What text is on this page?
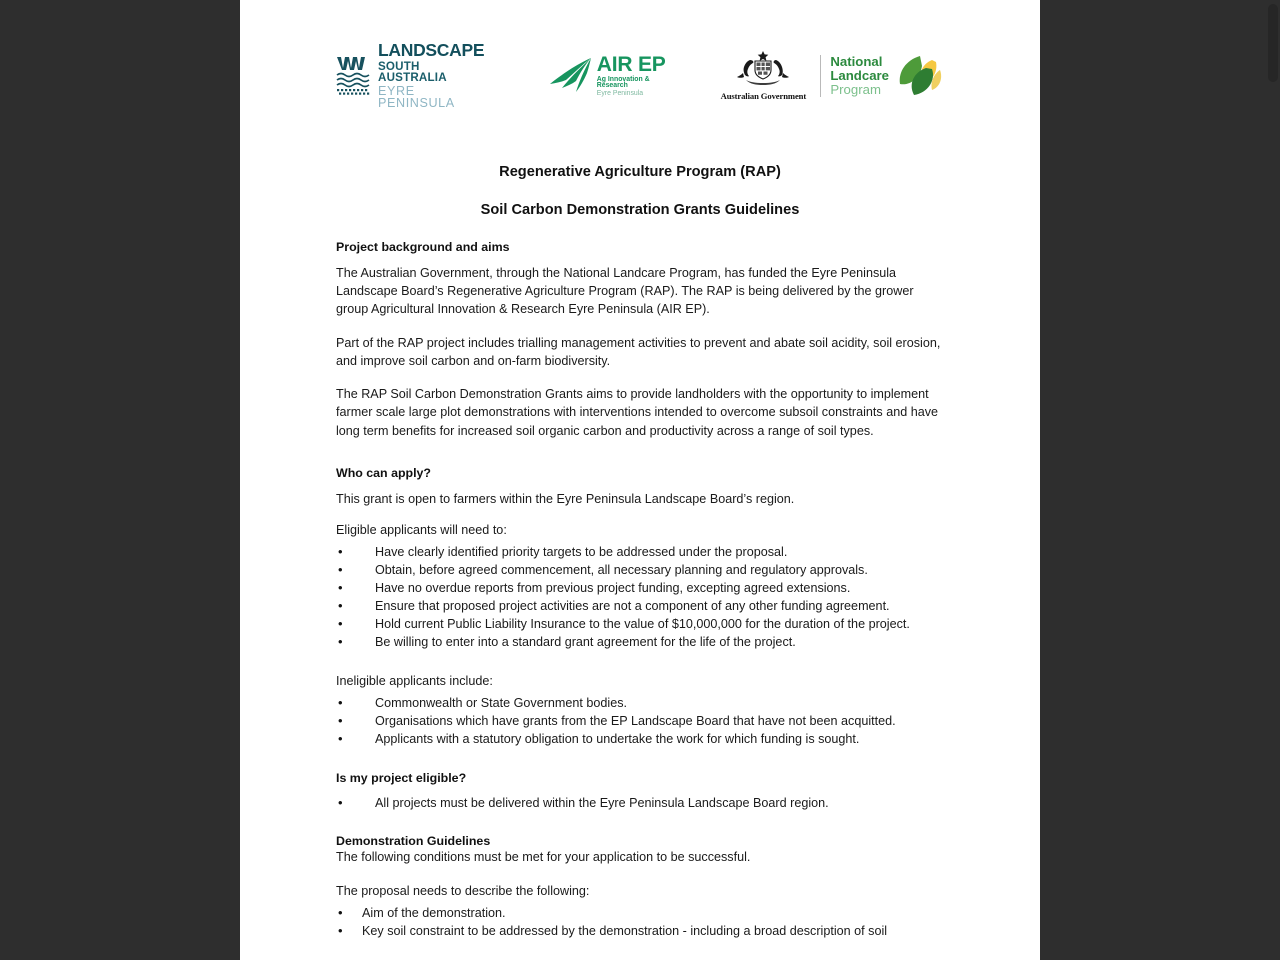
LANDSCAPE
SOUTH AUSTRALIA
EYRE PENINSULA
AIR EP
Ag Innovation & Research
Eyre Peninsula	Australian Government
National
Landcare
Program
Regenerative Agriculture Program (RAP)
Soil Carbon Demonstration Grants Guidelines
Project background and aims
The Australian Government, through the National Landcare Program, has funded the Eyre Peninsula Landscape Board’s Regenerative Agriculture Program (RAP). The RAP is being delivered by the grower group Agricultural Innovation & Research Eyre Peninsula (AIR EP).
Part of the RAP project includes trialling management activities to prevent and abate soil acidity, soil erosion, and improve soil carbon and on-farm biodiversity.
The RAP Soil Carbon Demonstration Grants aims to provide landholders with the opportunity to implement farmer scale large plot demonstrations with interventions intended to overcome subsoil constraints and have long term benefits for increased soil organic carbon and productivity across a range of soil types.
Who can apply?
This grant is open to farmers within the Eyre Peninsula Landscape Board’s region.
Eligible applicants will need to:
• Have clearly identified priority targets to be addressed under the proposal.
• Obtain, before agreed commencement, all necessary planning and regulatory approvals.
• Have no overdue reports from previous project funding, excepting agreed extensions.
• Ensure that proposed project activities are not a component of any other funding agreement.
• Hold current Public Liability Insurance to the value of $10,000,000 for the duration of the project.
• Be willing to enter into a standard grant agreement for the life of the project.
Ineligible applicants include:
• Commonwealth or State Government bodies.
• Organisations which have grants from the EP Landscape Board that have not been acquitted.
• Applicants with a statutory obligation to undertake the work for which funding is sought.
Is my project eligible?
• All projects must be delivered within the Eyre Peninsula Landscape Board region.
Demonstration Guidelines
The following conditions must be met for your application to be successful.
The proposal needs to describe the following:
• Aim of the demonstration.
• Key soil constraint to be addressed by the demonstration - including a broad description of soil
